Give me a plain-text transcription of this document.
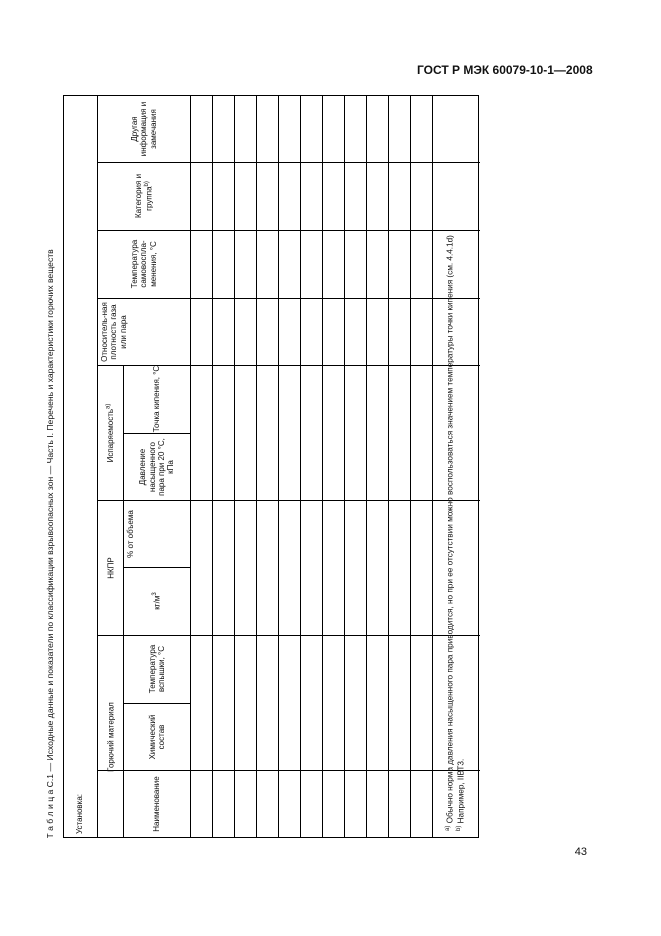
ГОСТ Р МЭК 60079-10-1—2008
Т а б л и ц а С.1 — Исходные данные и показатели по классификации взрывоопасных зон — Часть I. Перечень и характеристики горючих веществ
Установка:
Горючий материал
НКПР
Испаряемость$^{a)}$
Наименование
Химический состав
Температура вспышки, °С
$кг/м^3$
% от объема
Давление насыщенного пара при 20 °С, кПа
Точка кипения, °С
Относитель-ная плотность газа или пара
Температура самовоспла-менения, °С
Категория и группа$^{b)}$
Другая информация и замечания
$^{a)}$ Обычно норма давления насыщенного пара приводится, но при ее отсутствии можно воспользоваться значением температуры точки кипения (см. 4.4.1d)
$^{b)}$ Например, IIВТ3.
43
